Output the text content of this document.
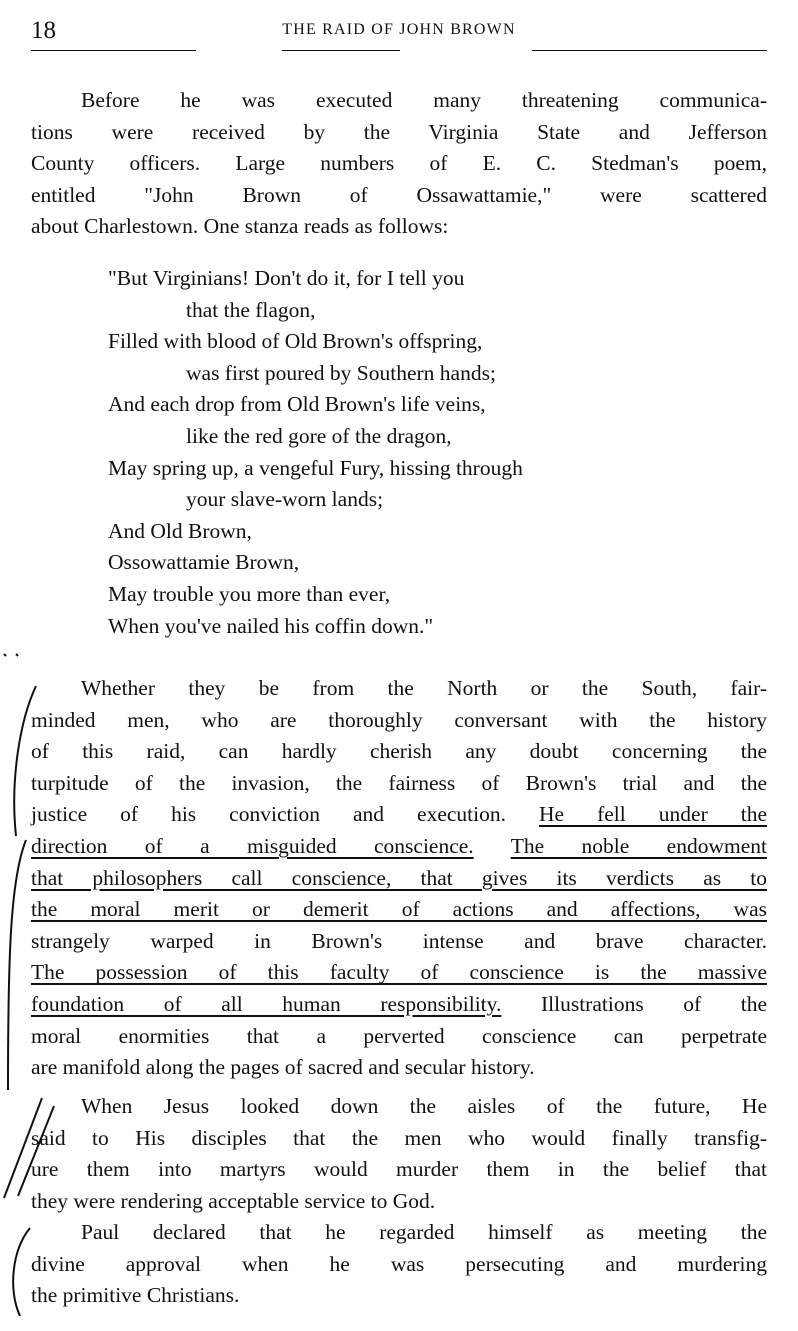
18	THE RAID OF JOHN BROWN
Before he was executed many threatening communica-
tions were received by the Virginia State and Jefferson
County officers. Large numbers of E. C. Stedman's poem,
entitled "John Brown of Ossawattamie," were scattered
about Charlestown. One stanza reads as follows:
"But Virginians! Don't do it, for I tell you
that the flagon,
Filled with blood of Old Brown's offspring,
was first poured by Southern hands;
And each drop from Old Brown's life veins,
like the red gore of the dragon,
May spring up, a vengeful Fury, hissing through
your slave-worn lands;
And Old Brown,
Ossowattamie Brown,
May trouble you more than ever,
When you've nailed his coffin down."
Whether they be from the North or the South, fair-
minded men, who are thoroughly conversant with the history
of this raid, can hardly cherish any doubt concerning the
turpitude of the invasion, the fairness of Brown's trial and the
justice of his conviction and execution. He fell under the
direction of a misguided conscience. The noble endowment
that philosophers call conscience, that gives its verdicts as to
the moral merit or demerit of actions and affections, was
strangely warped in Brown's intense and brave character.
The possession of this faculty of conscience is the massive
foundation of all human responsibility. Illustrations of the
moral enormities that a perverted conscience can perpetrate
are manifold along the pages of sacred and secular history.
When Jesus looked down the aisles of the future, He
said to His disciples that the men who would finally transfig-
ure them into martyrs would murder them in the belief that
they were rendering acceptable service to God.
Paul declared that he regarded himself as meeting the
divine approval when he was persecuting and murdering
the primitive Christians.
